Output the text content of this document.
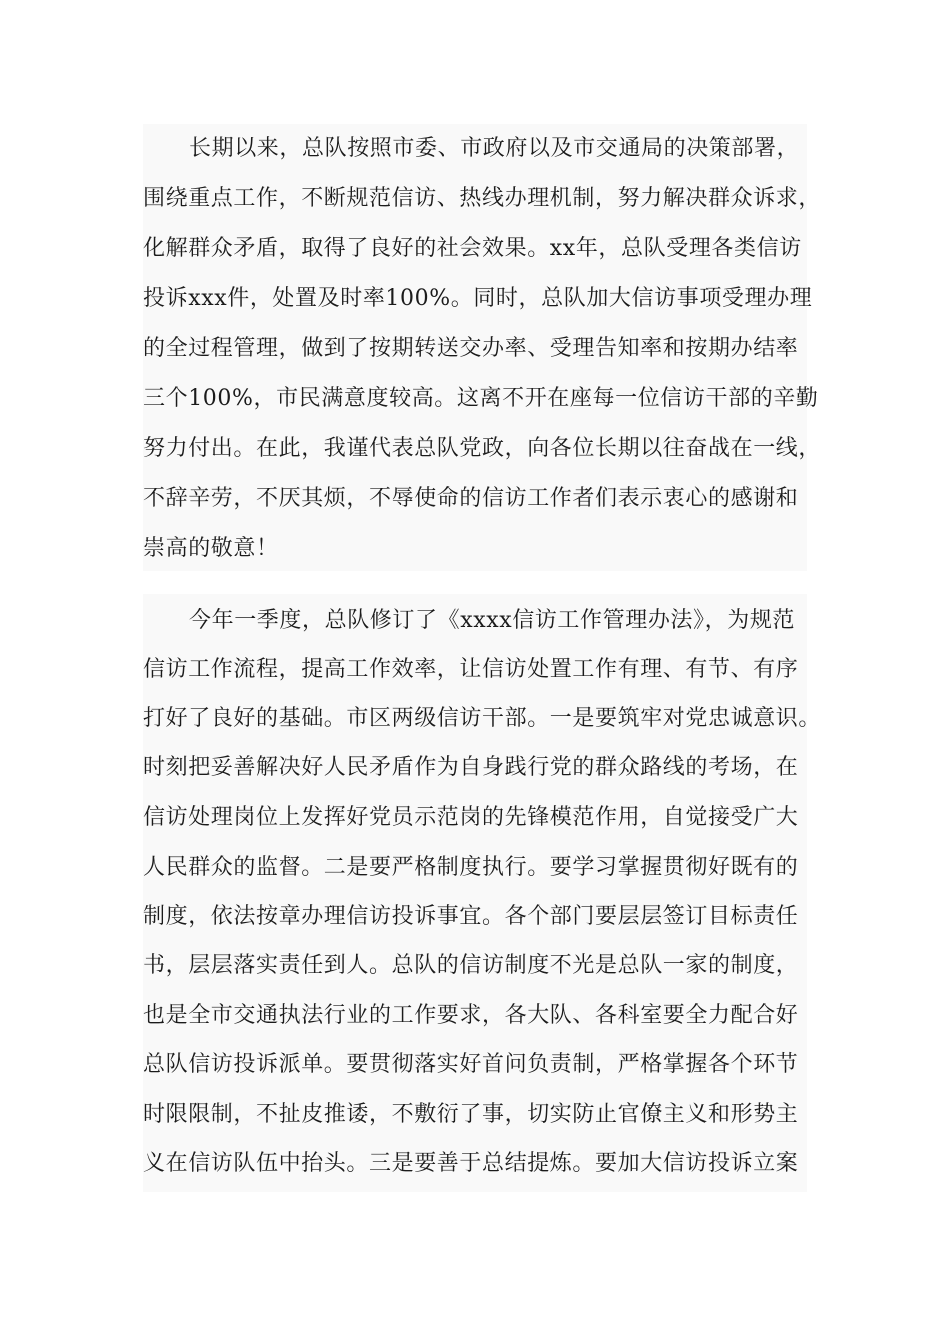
长期以来，总队按照市委、市政府以及市交通局的决策部署，
围绕重点工作，不断规范信访、热线办理机制，努力解决群众诉求，
化解群众矛盾，取得了良好的社会效果。xx年，总队受理各类信访
投诉xxx件，处置及时率100%。同时，总队加大信访事项受理办理
的全过程管理，做到了按期转送交办率、受理告知率和按期办结率
三个100%，市民满意度较高。这离不开在座每一位信访干部的辛勤
努力付出。在此，我谨代表总队党政，向各位长期以往奋战在一线，
不辞辛劳，不厌其烦，不辱使命的信访工作者们表示衷心的感谢和
崇高的敬意！
今年一季度，总队修订了《xxxx信访工作管理办法》，为规范
信访工作流程，提高工作效率，让信访处置工作有理、有节、有序
打好了良好的基础。市区两级信访干部。一是要筑牢对党忠诚意识。
时刻把妥善解决好人民矛盾作为自身践行党的群众路线的考场，在
信访处理岗位上发挥好党员示范岗的先锋模范作用，自觉接受广大
人民群众的监督。二是要严格制度执行。要学习掌握贯彻好既有的
制度，依法按章办理信访投诉事宜。各个部门要层层签订目标责任
书，层层落实责任到人。总队的信访制度不光是总队一家的制度，
也是全市交通执法行业的工作要求，各大队、各科室要全力配合好
总队信访投诉派单。要贯彻落实好首问负责制，严格掌握各个环节
时限限制，不扯皮推诿，不敷衍了事，切实防止官僚主义和形势主
义在信访队伍中抬头。三是要善于总结提炼。要加大信访投诉立案
